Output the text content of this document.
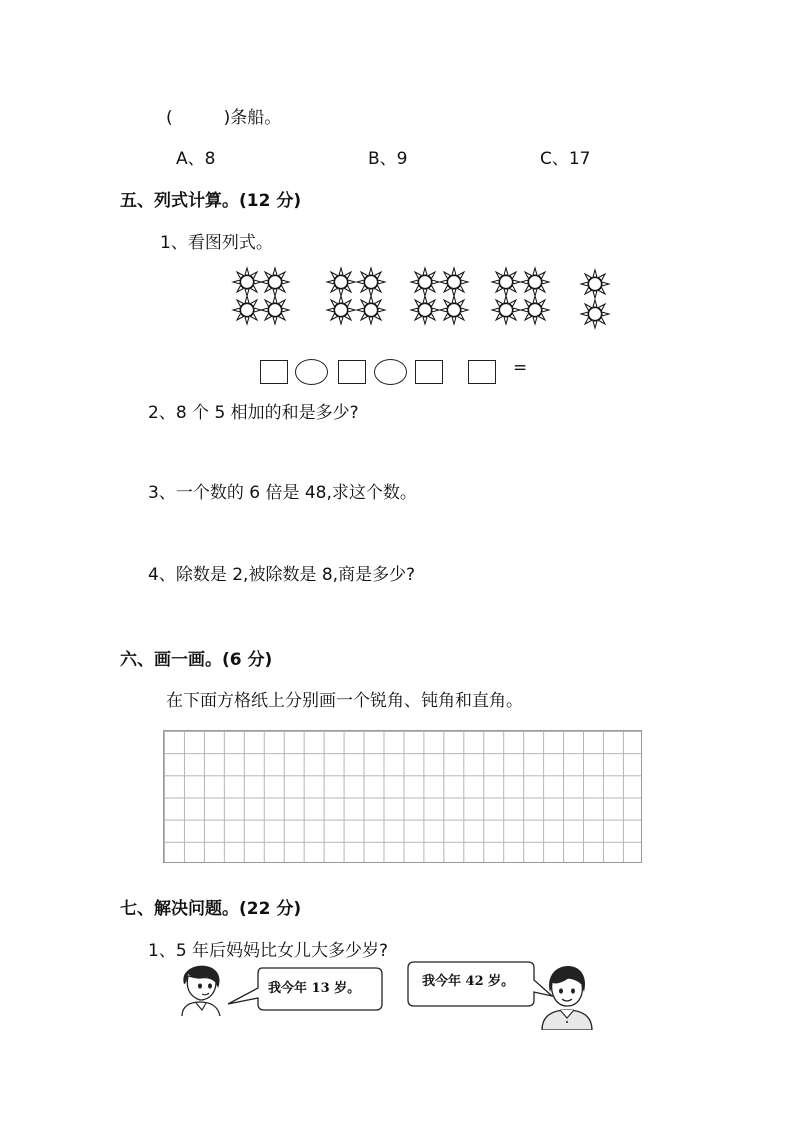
(　　　)条船。
A、8	B、9	C、17
五、列式计算。(12 分)
1、看图列式。
=
2、8 个 5 相加的和是多少?
3、一个数的 6 倍是 48,求这个数。
4、除数是 2,被除数是 8,商是多少?
六、画一画。(6 分)
在下面方格纸上分别画一个锐角、钝角和直角。
七、解决问题。(22 分)
1、5 年后妈妈比女儿大多少岁?
我今年 13 岁。	我今年 42 岁。
